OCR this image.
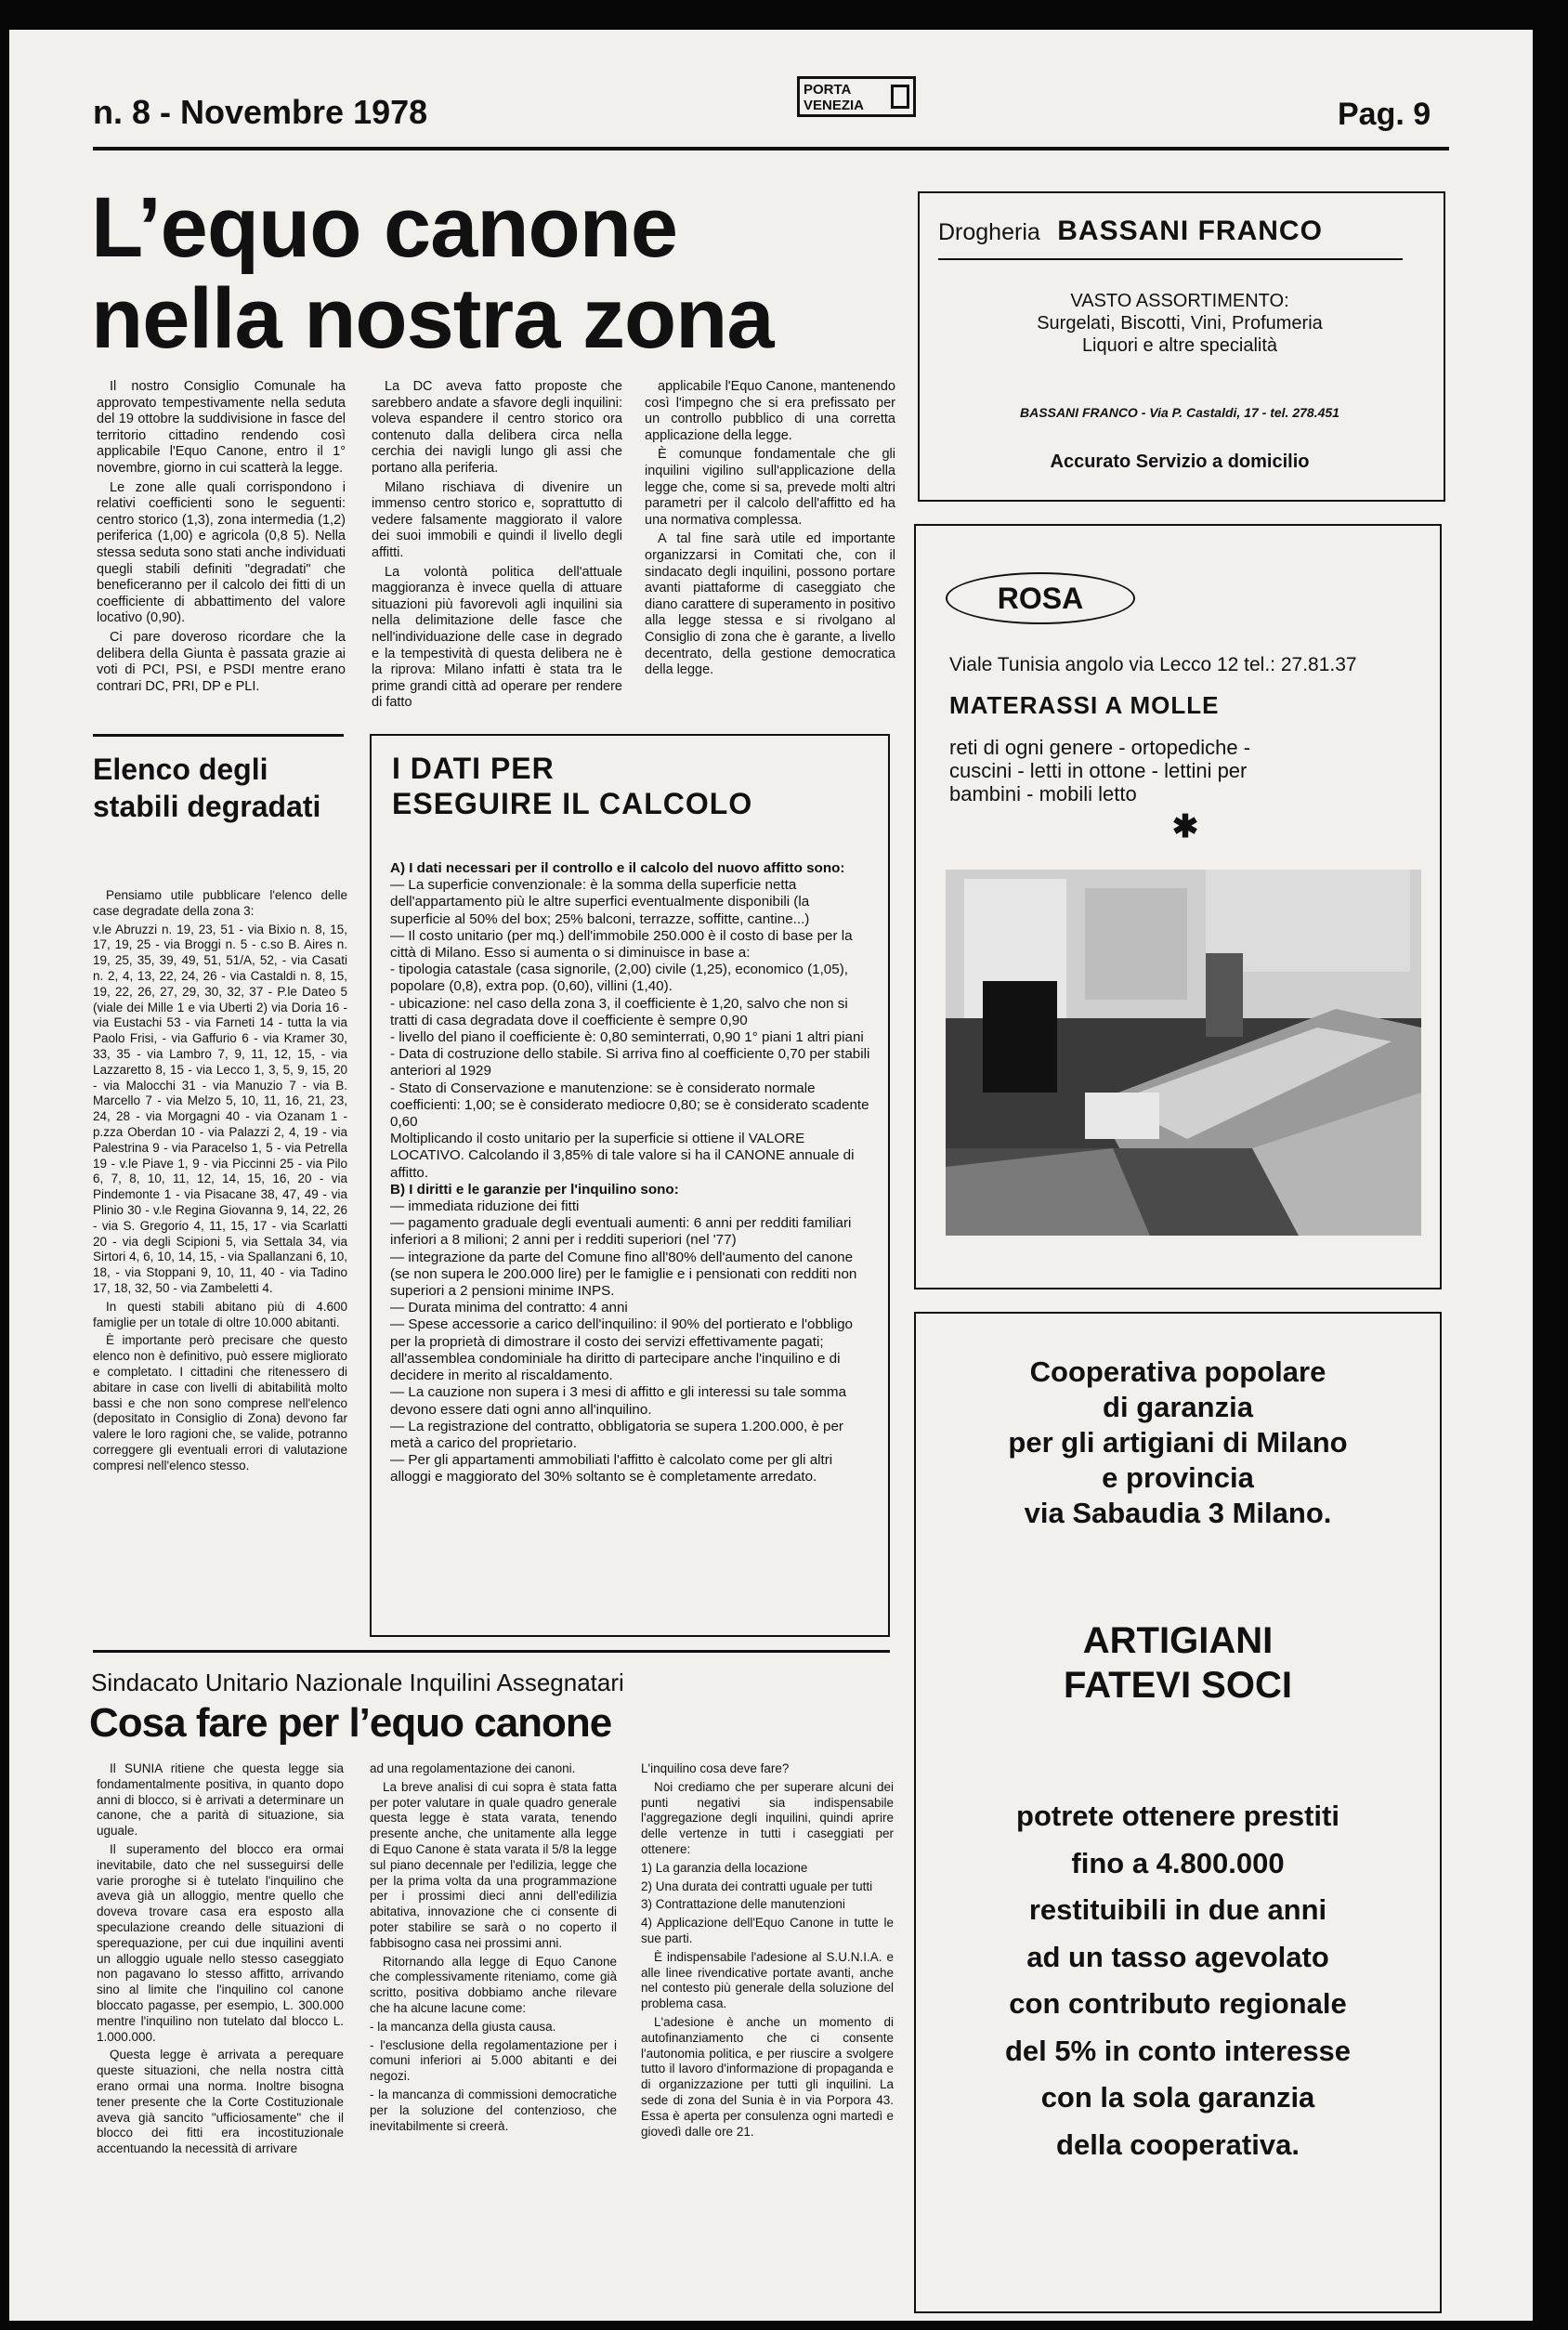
n. 8 - Novembre 1978
PORTA
VENEZIA	Pag. 9
L’equo canone
nella nostra zona

Il nostro Consiglio Comunale ha approvato tempestivamente nella seduta del 19 ottobre la suddivisione in fasce del territorio cittadino rendendo così applicabile l'Equo Canone, entro il 1° novembre, giorno in cui scatterà la legge.

Le zone alle quali corrispondono i relativi coefficienti sono le seguenti: centro storico (1,3), zona intermedia (1,2) periferica (1,00) e agricola (0,8 5). Nella stessa seduta sono stati anche individuati quegli stabili definiti "degradati" che beneficeranno per il calcolo dei fitti di un coefficiente di abbattimento del valore locativo (0,90).

Ci pare doveroso ricordare che la delibera della Giunta è passata grazie ai voti di PCI, PSI, e PSDI mentre erano contrari DC, PRI, DP e PLI.

La DC aveva fatto proposte che sarebbero andate a sfavore degli inquilini: voleva espandere il centro storico ora contenuto dalla delibera circa nella cerchia dei navigli lungo gli assi che portano alla periferia.

Milano rischiava di divenire un immenso centro storico e, soprattutto di vedere falsamente maggiorato il valore dei suoi immobili e quindi il livello degli affitti.

La volontà politica dell'attuale maggioranza è invece quella di attuare situazioni più favorevoli agli inquilini sia nella delimitazione delle fasce che nell'individuazione delle case in degrado e la tempestività di questa delibera ne è la riprova: Milano infatti è stata tra le prime grandi città ad operare per rendere di fatto

applicabile l'Equo Canone, mantenendo così l'impegno che si era prefissato per un controllo pubblico di una corretta applicazione della legge.

È comunque fondamentale che gli inquilini vigilino sull'applicazione della legge che, come si sa, prevede molti altri parametri per il calcolo dell'affitto ed ha una normativa complessa.

A tal fine sarà utile ed importante organizzarsi in Comitati che, con il sindacato degli inquilini, possono portare avanti piattaforme di caseggiato che diano carattere di superamento in positivo alla legge stessa e si rivolgano al Consiglio di zona che è garante, a livello decentrato, della gestione democratica della legge.

Elenco degli stabili degradati

Pensiamo utile pubblicare l'elenco delle case degradate della zona 3:

v.le Abruzzi n. 19, 23, 51 - via Bixio n. 8, 15, 17, 19, 25 - via Broggi n. 5 - c.so B. Aires n. 19, 25, 35, 39, 49, 51, 51/A, 52, - via Casati n. 2, 4, 13, 22, 24, 26 - via Castaldi n. 8, 15, 19, 22, 26, 27, 29, 30, 32, 37 - P.le Dateo 5 (viale dei Mille 1 e via Uberti 2) via Doria 16 - via Eustachi 53 - via Farneti 14 - tutta la via Paolo Frisi, - via Gaffurio 6 - via Kramer 30, 33, 35 - via Lambro 7, 9, 11, 12, 15, - via Lazzaretto 8, 15 - via Lecco 1, 3, 5, 9, 15, 20 - via Malocchi 31 - via Manuzio 7 - via B. Marcello 7 - via Melzo 5, 10, 11, 16, 21, 23, 24, 28 - via Morgagni 40 - via Ozanam 1 - p.zza Oberdan 10 - via Palazzi 2, 4, 19 - via Palestrina 9 - via Paracelso 1, 5 - via Petrella 19 - v.le Piave 1, 9 - via Piccinni 25 - via Pilo 6, 7, 8, 10, 11, 12, 14, 15, 16, 20 - via Pindemonte 1 - via Pisacane 38, 47, 49 - via Plinio 30 - v.le Regina Giovanna 9, 14, 22, 26 - via S. Gregorio 4, 11, 15, 17 - via Scarlatti 20 - via degli Scipioni 5, via Settala 34, via Sirtori 4, 6, 10, 14, 15, - via Spallanzani 6, 10, 18, - via Stoppani 9, 10, 11, 40 - via Tadino 17, 18, 32, 50 - via Zambeletti 4.

In questi stabili abitano più di 4.600 famiglie per un totale di oltre 10.000 abitanti.

È importante però precisare che questo elenco non è definitivo, può essere migliorato e completato. I cittadini che ritenessero di abitare in case con livelli di abitabilità molto bassi e che non sono comprese nell'elenco (depositato in Consiglio di Zona) devono far valere le loro ragioni che, se valide, potranno correggere gli eventuali errori di valutazione compresi nell'elenco stesso.

I DATI PER
ESEGUIRE IL CALCOLO
A) I dati necessari per il controllo e il calcolo del nuovo affitto sono:
— La superficie convenzionale: è la somma della superficie netta dell'appartamento più le altre superfici eventualmente disponibili (la superficie al 50% del box; 25% balconi, terrazze, soffitte, cantine...)
— Il costo unitario (per mq.) dell'immobile 250.000 è il costo di base per la città di Milano. Esso si aumenta o si diminuisce in base a:
- tipologia catastale (casa signorile, (2,00) civile (1,25), economico (1,05), popolare (0,8), extra pop. (0,60), villini (1,40).
- ubicazione: nel caso della zona 3, il coefficiente è 1,20, salvo che non si tratti di casa degradata dove il coefficiente è sempre 0,90
- livello del piano il coefficiente è: 0,80 seminterrati, 0,90 1° piani 1 altri piani
- Data di costruzione dello stabile. Si arriva fino al coefficiente 0,70 per stabili anteriori al 1929
- Stato di Conservazione e manutenzione: se è considerato normale coefficienti: 1,00; se è considerato mediocre 0,80; se è considerato scadente 0,60
Moltiplicando il costo unitario per la superficie si ottiene il VALORE LOCATIVO. Calcolando il 3,85% di tale valore si ha il CANONE annuale di affitto.
B) I diritti e le garanzie per l'inquilino sono:
— immediata riduzione dei fitti
— pagamento graduale degli eventuali aumenti: 6 anni per redditi familiari inferiori a 8 milioni; 2 anni per i redditi superiori (nel '77)
— integrazione da parte del Comune fino all'80% dell'aumento del canone (se non supera le 200.000 lire) per le famiglie e i pensionati con redditi non superiori a 2 pensioni minime INPS.
— Durata minima del contratto: 4 anni
— Spese accessorie a carico dell'inquilino: il 90% del portierato e l'obbligo per la proprietà di dimostrare il costo dei servizi effettivamente pagati; all'assemblea condominiale ha diritto di partecipare anche l'inquilino e di decidere in merito al riscaldamento.
— La cauzione non supera i 3 mesi di affitto e gli interessi su tale somma devono essere dati ogni anno all'inquilino.
— La registrazione del contratto, obbligatoria se supera 1.200.000, è per metà a carico del proprietario.
— Per gli appartamenti ammobiliati l'affitto è calcolato come per gli altri alloggi e maggiorato del 30% soltanto se è completamente arredato.
Sindacato Unitario Nazionale Inquilini Assegnatari
Cosa fare per l’equo canone

Il SUNIA ritiene che questa legge sia fondamentalmente positiva, in quanto dopo anni di blocco, si è arrivati a determinare un canone, che a parità di situazione, sia uguale.

Il superamento del blocco era ormai inevitabile, dato che nel susseguirsi delle varie proroghe si è tutelato l'inquilino che aveva già un alloggio, mentre quello che doveva trovare casa era esposto alla speculazione creando delle situazioni di sperequazione, per cui due inquilini aventi un alloggio uguale nello stesso caseggiato non pagavano lo stesso affitto, arrivando sino al limite che l'inquilino col canone bloccato pagasse, per esempio, L. 300.000 mentre l'inquilino non tutelato dal blocco L. 1.000.000.

Questa legge è arrivata a perequare queste situazioni, che nella nostra città erano ormai una norma. Inoltre bisogna tener presente che la Corte Costituzionale aveva già sancito "ufficiosamente" che il blocco dei fitti era incostituzionale accentuando la necessità di arrivare

ad una regolamentazione dei canoni.

La breve analisi di cui sopra è stata fatta per poter valutare in quale quadro generale questa legge è stata varata, tenendo presente anche, che unitamente alla legge di Equo Canone è stata varata il 5/8 la legge sul piano decennale per l'edilizia, legge che per la prima volta da una programmazione per i prossimi dieci anni dell'edilizia abitativa, innovazione che ci consente di poter stabilire se sarà o no coperto il fabbisogno casa nei prossimi anni.

Ritornando alla legge di Equo Canone che complessivamente riteniamo, come già scritto, positiva dobbiamo anche rilevare che ha alcune lacune come:

- la mancanza della giusta causa.

- l'esclusione della regolamentazione per i comuni inferiori ai 5.000 abitanti e dei negozi.

- la mancanza di commissioni democratiche per la soluzione del contenzioso, che inevitabilmente si creerà.

L'inquilino cosa deve fare?

Noi crediamo che per superare alcuni dei punti negativi sia indispensabile l'aggregazione degli inquilini, quindi aprire delle vertenze in tutti i caseggiati per ottenere:

1) La garanzia della locazione

2) Una durata dei contratti uguale per tutti

3) Contrattazione delle manutenzioni

4) Applicazione dell'Equo Canone in tutte le sue parti.

È indispensabile l'adesione al S.U.N.I.A. e alle linee rivendicative portate avanti, anche nel contesto più generale della soluzione del problema casa.

L'adesione è anche un momento di autofinanziamento che ci consente l'autonomia politica, e per riuscire a svolgere tutto il lavoro d'informazione di propaganda e di organizzazione per tutti gli inquilini. La sede di zona del Sunia è in via Porpora 43. Essa è aperta per consulenza ogni martedì e giovedì dalle ore 21.

Drogheria BASSANI FRANCO
VASTO ASSORTIMENTO:
Surgelati, Biscotti, Vini, Profumeria
Liquori e altre specialità
BASSANI FRANCO - Via P. Castaldi, 17 - tel. 278.451
Accurato Servizio a domicilio
ROSA
Viale Tunisia angolo via Lecco 12 tel.: 27.81.37
MATERASSI A MOLLE
reti di ogni genere - ortopediche - cuscini - letti in ottone - lettini per bambini - mobili letto
✱
Cooperativa popolare
di garanzia
per gli artigiani di Milano
e provincia
via Sabaudia 3 Milano.
ARTIGIANI
FATEVI SOCI
potrete ottenere prestiti
fino a 4.800.000
restituibili in due anni
ad un tasso agevolato
con contributo regionale
del 5% in conto interesse
con la sola garanzia
della cooperativa.
